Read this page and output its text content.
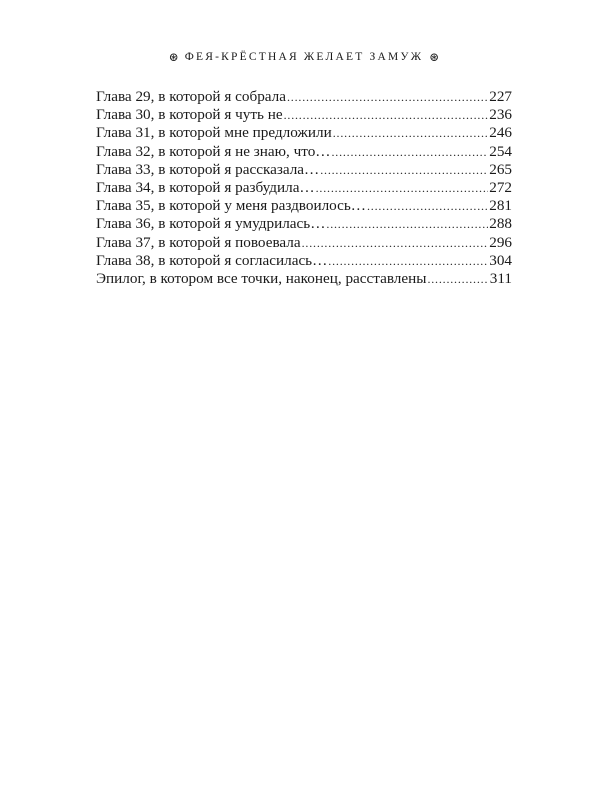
⊛ ФЕЯ-КРЁСТНАЯ ЖЕЛАЕТ ЗАМУЖ ⊛
Глава 29, в которой я собрала .....	227
Глава 30, в которой я чуть не .....	236
Глава 31, в которой мне предложили .....	246
Глава 32, в которой я не знаю, что… .....	254
Глава 33, в которой я рассказала… .....	265
Глава 34, в которой я разбудила… .....	272
Глава 35, в которой у меня раздвоилось… .....	281
Глава 36, в которой я умудрилась… .....	288
Глава 37, в которой я повоевала .....	296
Глава 38, в которой я согласилась… .....	304
Эпилог, в котором все точки, наконец, расставлены .....	311
